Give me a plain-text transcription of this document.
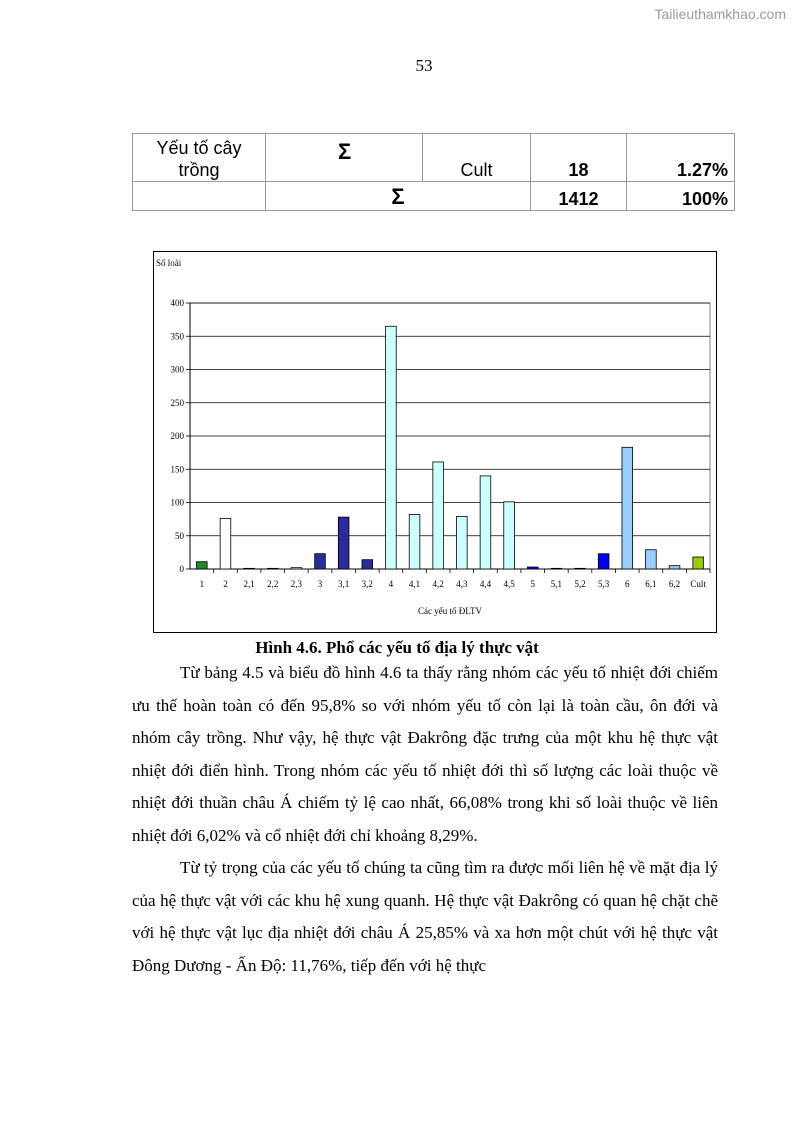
Tailieuthamkhao.com
53
Yếu tố cây trồng	Σ	Cult	18	1.27%
	Σ		1412	100%
0
50
100
150
200
250
300
350
400
1 2 2,1 2,2 2,3 3 3,1 3,2 4 4,1 4,2 4,3 4,4 4,5 5 5,1 5,2 5,3 6 6,1 6,2 Cult
Số loài
Các yếu tố ĐLTV
Hình 4.6. Phổ các yếu tố địa lý thực vật

Từ bảng 4.5 và biểu đồ hình 4.6 ta thấy rằng nhóm các yếu tố nhiệt đới chiếm ưu thế hoàn toàn có đến 95,8% so với nhóm yếu tố còn lại là toàn cầu, ôn đới và nhóm cây trồng. Như vậy, hệ thực vật Đakrông đặc trưng của một khu hệ thực vật nhiệt đới điển hình. Trong nhóm các yếu tố nhiệt đới thì số lượng các loài thuộc về nhiệt đới thuần châu Á chiếm tỷ lệ cao nhất, 66,08% trong khi số loài thuộc về liên nhiệt đới 6,02% và cổ nhiệt đới chỉ khoảng 8,29%.

Từ tỷ trọng của các yếu tố chúng ta cũng tìm ra được mối liên hệ về mặt địa lý của hệ thực vật với các khu hệ xung quanh. Hệ thực vật Đakrông có quan hệ chặt chẽ với hệ thực vật lục địa nhiệt đới châu Á 25,85% và xa hơn một chút với hệ thực vật Đông Dương - Ấn Độ: 11,76%, tiếp đến với hệ thực
